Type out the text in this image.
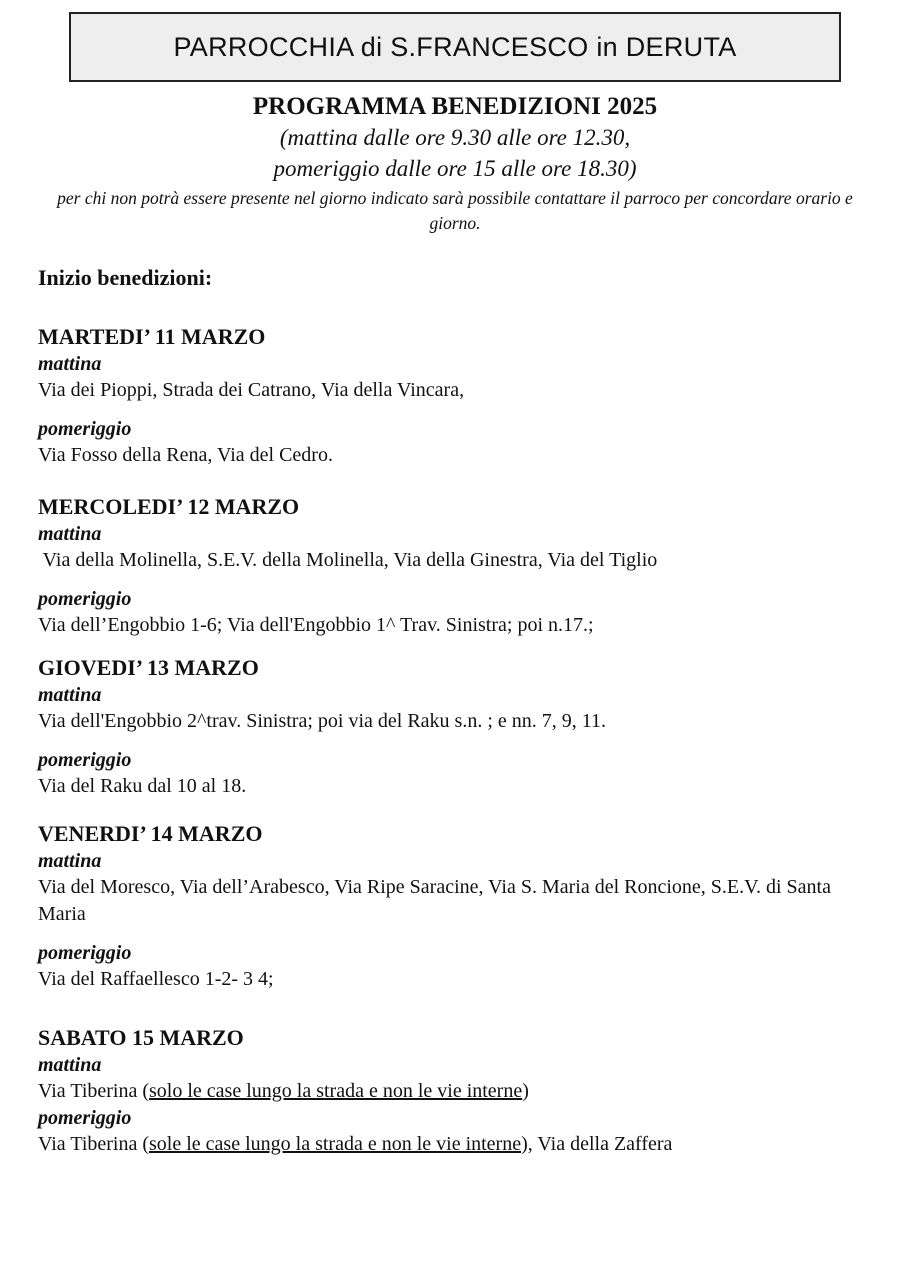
PARROCCHIA di S.FRANCESCO in DERUTA
PROGRAMMA BENEDIZIONI 2025
(mattina dalle ore 9.30 alle ore 12.30,
pomeriggio dalle ore 15 alle ore 18.30)
per chi non potrà essere presente nel giorno indicato sarà possibile contattare il parroco per concordare orario e giorno.
Inizio benedizioni:
MARTEDI’ 11 MARZO
mattina
Via dei Pioppi, Strada dei Catrano, Via della Vincara,
pomeriggio
Via Fosso della Rena, Via del Cedro.
MERCOLEDI’ 12 MARZO
mattina
Via della Molinella, S.E.V. della Molinella, Via della Ginestra, Via del Tiglio
pomeriggio
Via dell’Engobbio 1-6; Via dell'Engobbio 1^ Trav. Sinistra; poi n.17.;
GIOVEDI’ 13 MARZO
mattina
Via dell'Engobbio 2^trav. Sinistra; poi via del Raku s.n. ; e nn. 7, 9, 11.
pomeriggio
Via del Raku dal 10 al 18.
VENERDI’ 14 MARZO
mattina
Via del Moresco, Via dell’Arabesco, Via Ripe Saracine, Via S. Maria del Roncione, S.E.V. di Santa Maria
pomeriggio
Via del Raffaellesco 1-2- 3 4;
SABATO 15 MARZO
mattina
Via Tiberina (solo le case lungo la strada e non le vie interne)
pomeriggio
Via Tiberina (sole le case lungo la strada e non le vie interne), Via della Zaffera
